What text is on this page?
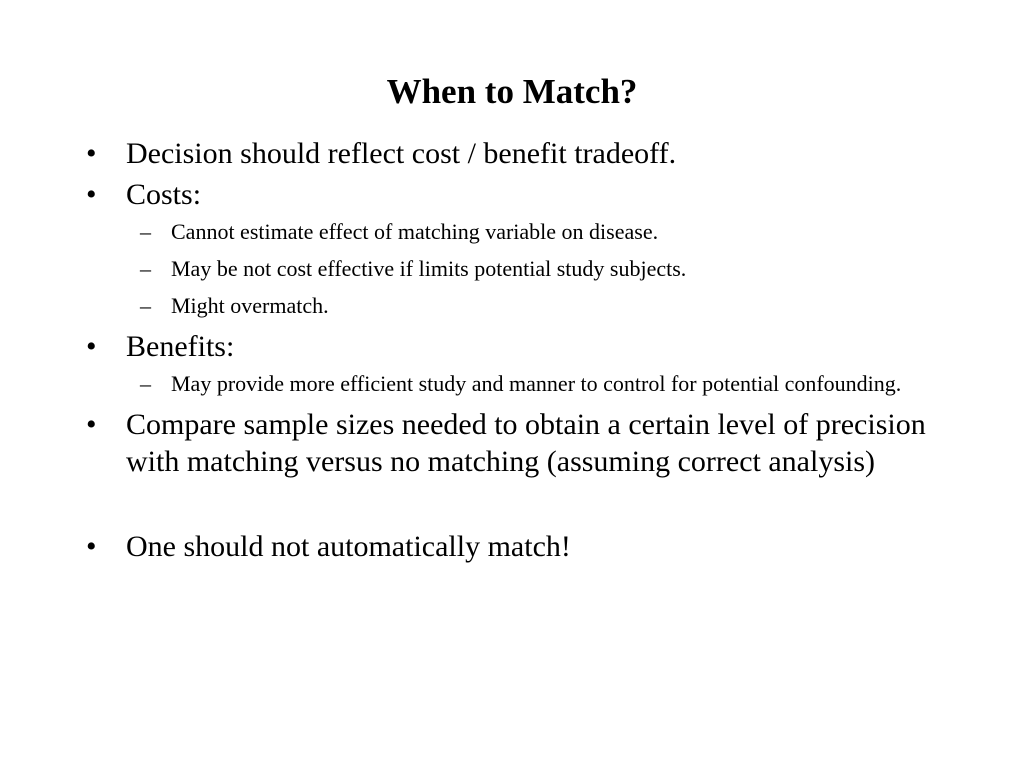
When to Match?
• Decision should reflect cost / benefit tradeoff.
• Costs:
– Cannot estimate effect of matching variable on disease.
– May be not cost effective if limits potential study subjects.
– Might overmatch.
• Benefits:
– May provide more efficient study and manner to control for potential confounding.
• Compare sample sizes needed to obtain a certain level of precision with matching versus no matching (assuming correct analysis)
• One should not automatically match!
